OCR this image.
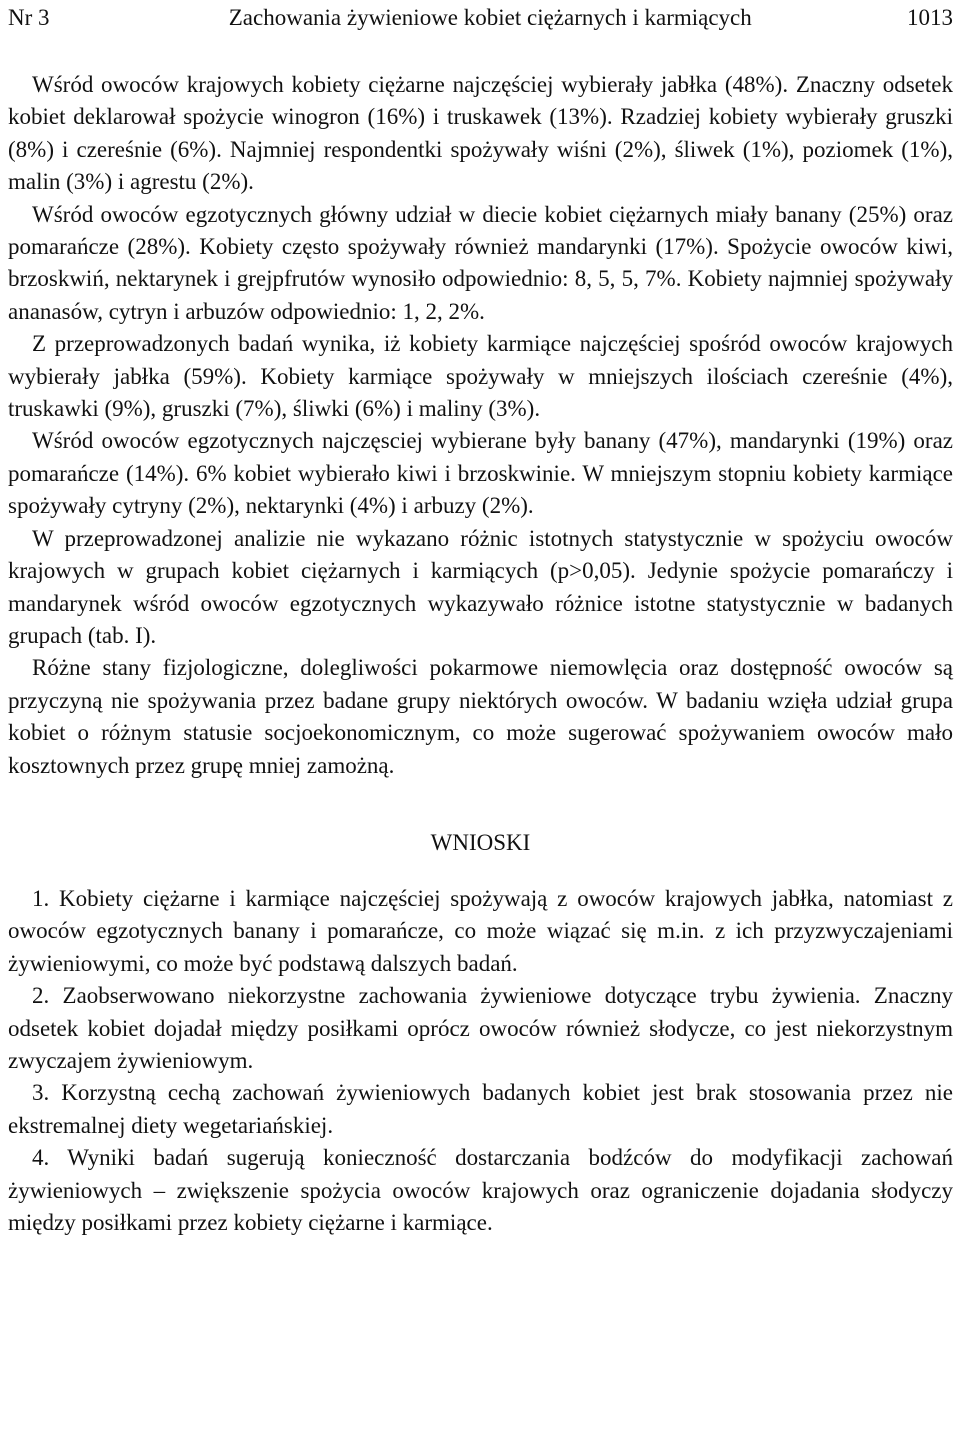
Nr 3	Zachowania żywieniowe kobiet ciężarnych i karmiących	1013

Wśród owoców krajowych kobiety ciężarne najczęściej wybierały jabłka (48%). Znaczny odsetek kobiet deklarował spożycie winogron (16%) i truskawek (13%). Rzadziej kobiety wybierały gruszki (8%) i czereśnie (6%). Najmniej respondentki spożywały wiśni (2%), śliwek (1%), poziomek (1%), malin (3%) i agrestu (2%).

Wśród owoców egzotycznych główny udział w diecie kobiet ciężarnych miały banany (25%) oraz pomarańcze (28%). Kobiety często spożywały również mandarynki (17%). Spożycie owoców kiwi, brzoskwiń, nektarynek i grejpfrutów wynosiło odpowiednio: 8, 5, 5, 7%. Kobiety najmniej spożywały ananasów, cytryn i arbuzów odpowiednio: 1, 2, 2%.

Z przeprowadzonych badań wynika, iż kobiety karmiące najczęściej spośród owoców krajowych wybierały jabłka (59%). Kobiety karmiące spożywały w mniejszych ilościach czereśnie (4%), truskawki (9%), gruszki (7%), śliwki (6%) i maliny (3%).

Wśród owoców egzotycznych najczęsciej wybierane były banany (47%), mandarynki (19%) oraz pomarańcze (14%). 6% kobiet wybierało kiwi i brzoskwinie. W mniejszym stopniu kobiety karmiące spożywały cytryny (2%), nektarynki (4%) i arbuzy (2%).

W przeprowadzonej analizie nie wykazano różnic istotnych statystycznie w spożyciu owoców krajowych w grupach kobiet ciężarnych i karmiących (p>0,05). Jedynie spożycie pomarańczy i mandarynek wśród owoców egzotycznych wykazywało różnice istotne statystycznie w badanych grupach (tab. I).

Różne stany fizjologiczne, dolegliwości pokarmowe niemowlęcia oraz dostępność owoców są przyczyną nie spożywania przez badane grupy niektórych owoców. W badaniu wzięła udział grupa kobiet o różnym statusie socjoekonomicznym, co może sugerować spożywaniem owoców mało kosztownych przez grupę mniej zamożną.

WNIOSKI
1. Kobiety ciężarne i karmiące najczęściej spożywają z owoców krajowych jabłka, natomiast z owoców egzotycznych banany i pomarańcze, co może wiązać się m.in. z ich przyzwyczajeniami żywieniowymi, co może być podstawą dalszych badań.
2. Zaobserwowano niekorzystne zachowania żywieniowe dotyczące trybu żywienia. Znaczny odsetek kobiet dojadał między posiłkami oprócz owoców również słodycze, co jest niekorzystnym zwyczajem żywieniowym.
3. Korzystną cechą zachowań żywieniowych badanych kobiet jest brak stosowania przez nie ekstremalnej diety wegetariańskiej.
4. Wyniki badań sugerują konieczność dostarczania bodźców do modyfikacji zachowań żywieniowych – zwiększenie spożycia owoców krajowych oraz ograniczenie dojadania słodyczy między posiłkami przez kobiety ciężarne i karmiące.
